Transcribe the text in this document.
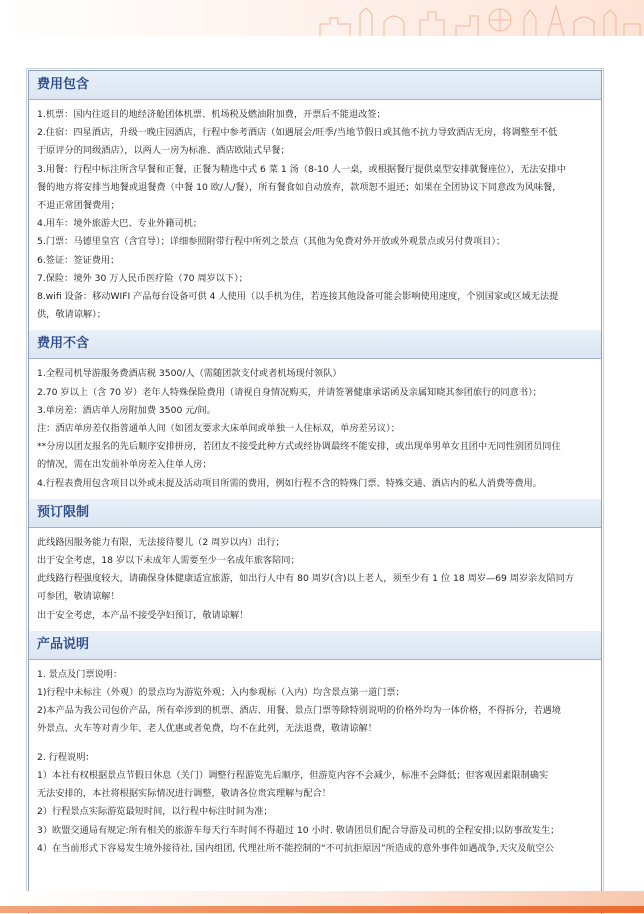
费用包含
1.机票：国内往返目的地经济舱团体机票、机场税及燃油附加费，开票后不能退改签；
2.住宿：四星酒店，升级一晚庄园酒店，行程中参考酒店（如遇展会/旺季/当地节假日或其他不抗力导致酒店无房，将调整至不低
于原评分的同级酒店），以两人一房为标准、酒店欧陆式早餐；
3.用餐：行程中标注所含早餐和正餐，正餐为精选中式 6 菜 1 汤（8-10 人一桌，或根据餐厅提供桌型安排就餐座位），无法安排中
餐的地方将安排当地餐或退餐费（中餐 10 欧/人/餐），所有餐食如自动放弃，款项恕不退还；如果在全团协议下同意改为风味餐，
不退正常团餐费用；
4.用车：境外旅游大巴、专业外籍司机；
5.门票：马德里皇宫（含官导）；详细参照附带行程中所列之景点（其他为免费对外开放或外观景点或另付费项目）；
6.签证：签证费用；
7.保险：境外 30 万人民币医疗险（70 周岁以下）；
8.wifi 设备：移动WIFI 产品每台设备可供 4 人使用（以手机为佳，若连接其他设备可能会影响使用速度，个别国家或区域无法提
供，敬请谅解）；
费用不含
1.全程司机导游服务费酒店税 3500/人（需随团款支付或者机场现付领队）
2.70 岁以上（含 70 岁）老年人特殊保险费用（请视自身情况购买，并请签署健康承诺函及亲属知晓其参团旅行的同意书）；
3.单房差：酒店单人房附加费 3500 元/间。
注：酒店单房差仅指普通单人间（如团友要求大床单间或单独一人住标双，单房差另议）；
**分房以团友报名的先后顺序安排拼房，若团友不接受此种方式或经协调最终不能安排，或出现单男单女且团中无同性别团员同住
的情况，需在出发前补单房差入住单人房；
4.行程表费用包含项目以外或未提及活动项目所需的费用，例如行程不含的特殊门票、特殊交通、酒店内的私人消费等费用。
预订限制
此线路因服务能力有限，无法接待婴儿（2 周岁以内）出行；
出于安全考虑，18 岁以下未成年人需要至少一名成年旅客陪同；
此线路行程强度较大，请确保身体健康适宜旅游，如出行人中有 80 周岁(含)以上老人，须至少有 1 位 18 周岁—69 周岁亲友陪同方
可参团，敬请谅解！
出于安全考虑，本产品不接受孕妇预订，敬请谅解！
产品说明
1. 景点及门票说明：
1)行程中未标注（外观）的景点均为游览外观；入内参观标（入内）均含景点第一道门票；
2)本产品为我公司包价产品，所有牵涉到的机票、酒店、用餐、景点门票等除特别说明的价格外均为一体价格，不得拆分，若遇境
外景点、火车等对青少年、老人优惠或者免费，均不在此列，无法退费，敬请谅解！
2. 行程说明：
1）本社有权根据景点节假日休息（关门）调整行程游览先后顺序，但游览内容不会减少，标准不会降低；但客观因素限制确实
无法安排的，本社将根据实际情况进行调整，敬请各位贵宾理解与配合！
2）行程景点实际游览最短时间，以行程中标注时间为准；
3）欧盟交通局有规定:所有相关的旅游车每天行车时间不得超过 10 小时. 敬请团员们配合导游及司机的全程安排;以防事故发生；
4）在当前形式下容易发生境外接待社, 国内组团, 代理社所不能控制的“不可抗拒原因”所造成的意外事件如遇战争,天灾及航空公
